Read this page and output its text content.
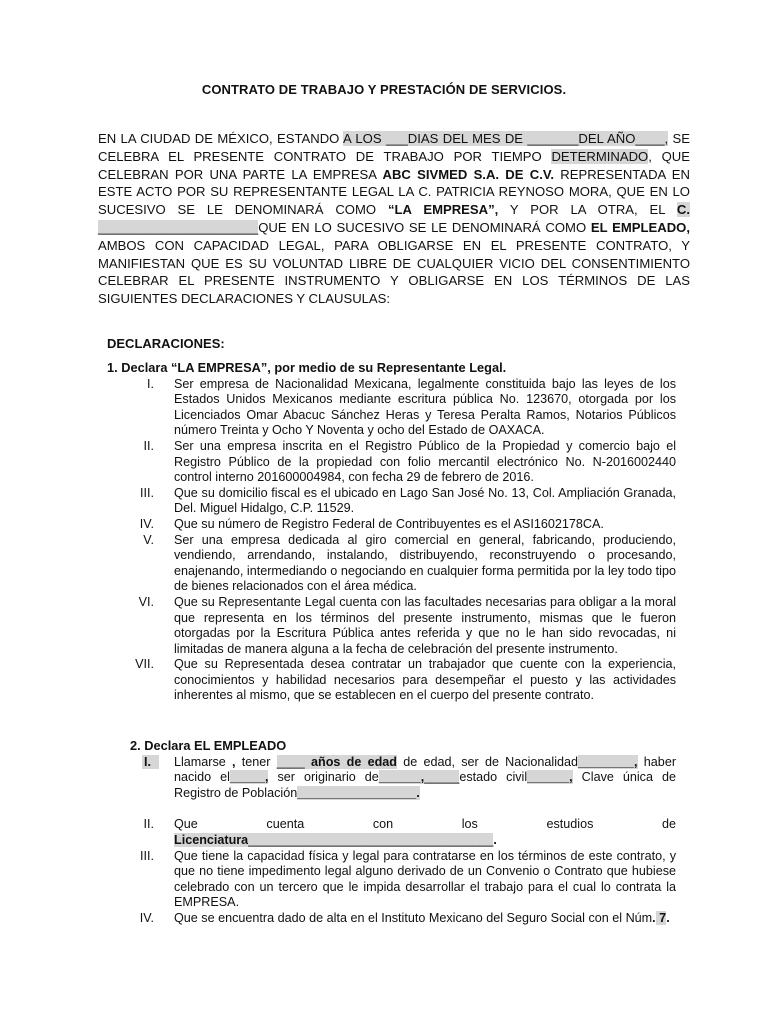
CONTRATO DE TRABAJO Y PRESTACIÓN DE SERVICIOS.
EN LA CIUDAD DE MÉXICO, ESTANDO A LOS ___DIAS DEL MES DE _______DEL AÑO____, SE
CELEBRA EL PRESENTE CONTRATO DE TRABAJO POR TIEMPO DETERMINADO, QUE
CELEBRAN POR UNA PARTE LA EMPRESA ABC SIVMED S.A. DE C.V. REPRESENTADA EN
ESTE ACTO POR SU REPRESENTANTE LEGAL LA C. PATRICIA REYNOSO MORA, QUE EN LO
SUCESIVO SE LE DENOMINARÁ COMO “LA EMPRESA”, Y POR LA OTRA, EL C.
______________________QUE EN LO SUCESIVO SE LE DENOMINARÁ COMO EL EMPLEADO,
AMBOS CON CAPACIDAD LEGAL, PARA OBLIGARSE EN EL PRESENTE CONTRATO, Y
MANIFIESTAN QUE ES SU VOLUNTAD LIBRE DE CUALQUIER VICIO DEL CONSENTIMIENTO
CELEBRAR EL PRESENTE INSTRUMENTO Y OBLIGARSE EN LOS TÉRMINOS DE LAS
SIGUIENTES DECLARACIONES Y CLAUSULAS:
DECLARACIONES:
1. Declara “LA EMPRESA”, por medio de su Representante Legal.
I. Ser empresa de Nacionalidad Mexicana, legalmente constituida bajo las leyes de los Estados Unidos Mexicanos mediante escritura pública No. 123670, otorgada por los Licenciados Omar Abacuc Sánchez Heras y Teresa Peralta Ramos, Notarios Públicos número Treinta y Ocho Y Noventa y ocho del Estado de OAXACA.
II. Ser una empresa inscrita en el Registro Público de la Propiedad y comercio bajo el Registro Público de la propiedad con folio mercantil electrónico No. N-2016002440 control interno 201600004984, con fecha 29 de febrero de 2016.
III. Que su domicilio fiscal es el ubicado en Lago San José No. 13, Col. Ampliación Granada, Del. Miguel Hidalgo, C.P. 11529.
IV. Que su número de Registro Federal de Contribuyentes es el ASI1602178CA.
V. Ser una empresa dedicada al giro comercial en general, fabricando, produciendo, vendiendo, arrendando, instalando, distribuyendo, reconstruyendo o procesando, enajenando, intermediando o negociando en cualquier forma permitida por la ley todo tipo de bienes relacionados con el área médica.
VI. Que su Representante Legal cuenta con las facultades necesarias para obligar a la moral que representa en los términos del presente instrumento, mismas que le fueron otorgadas por la Escritura Pública antes referida y que no le han sido revocadas, ni limitadas de manera alguna a la fecha de celebración del presente instrumento.
VII. Que su Representada desea contratar un trabajador que cuente con la experiencia, conocimientos y habilidad necesarios para desempeñar el puesto y las actividades inherentes al mismo, que se establecen en el cuerpo del presente contrato.
2. Declara EL EMPLEADO
I.	Llamarse , tener ____ años de edad de edad, ser de Nacionalidad________, haber nacido el_____, ser originario de______,_____estado civil______, Clave única de Registro de Población_________________.
II. Que cuenta con los estudios de Licenciatura___________________________________.
III. Que tiene la capacidad física y legal para contratarse en los términos de este contrato, y que no tiene impedimento legal alguno derivado de un Convenio o Contrato que hubiese celebrado con un tercero que le impida desarrollar el trabajo para el cual lo contrata la EMPRESA.
IV. Que se encuentra dado de alta en el Instituto Mexicano del Seguro Social con el Núm. 7.
